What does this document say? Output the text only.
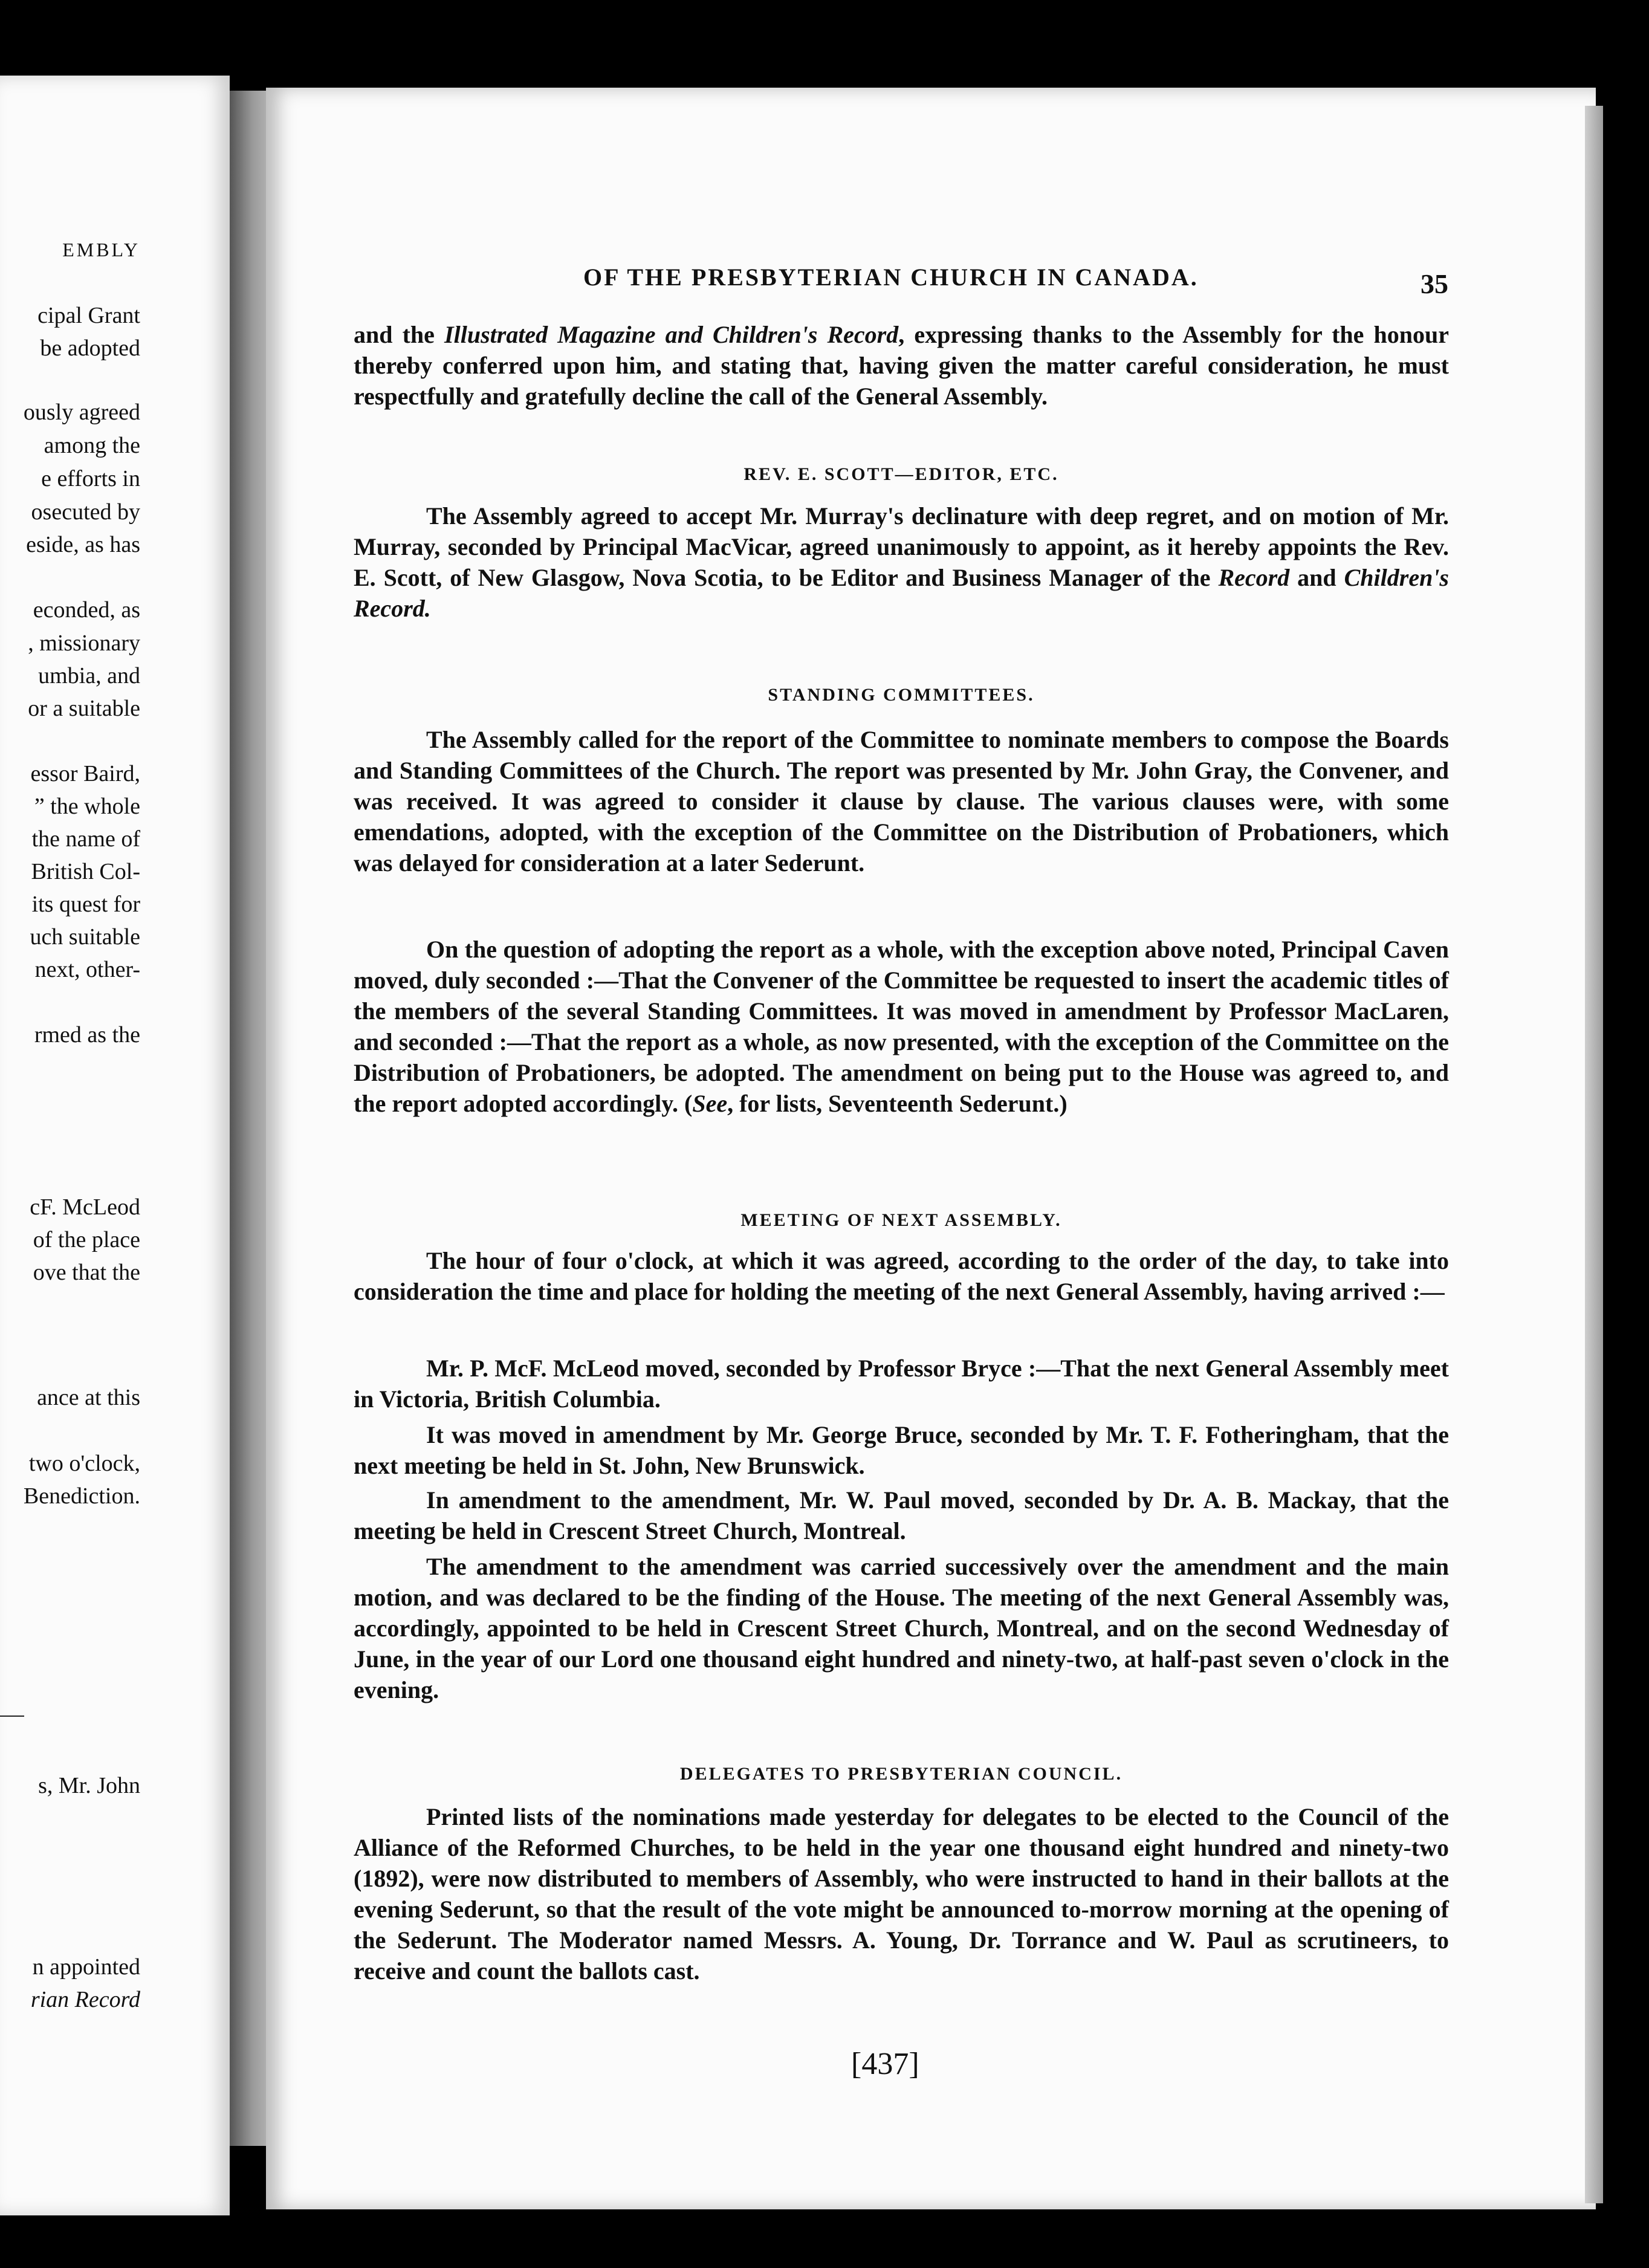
EMBLY
cipal Grant
be adopted
ously agreed
among the
e efforts in
osecuted by
eside, as has
econded, as
, missionary
umbia, and
or a suitable
essor Baird,
” the whole
the name of
British Col-
its quest for
uch suitable
next, other-
rmed as the
cF. McLeod
of the place
ove that the
ance at this
two o'clock,
Benediction.
s, Mr. John
n appointed
rian Record
OF THE PRESBYTERIAN CHURCH IN CANADA.	35

and the Illustrated Magazine and Children's Record, expressing thanks to the Assembly for the honour thereby conferred upon him, and stating that, having given the matter careful consideration, he must respectfully and gratefully decline the call of the General Assembly.

REV. E. SCOTT—EDITOR, ETC.

The Assembly agreed to accept Mr. Murray's declinature with deep regret, and on motion of Mr. Murray, seconded by Principal MacVicar, agreed unanimously to appoint, as it hereby appoints the Rev. E. Scott, of New Glasgow, Nova Scotia, to be Editor and Business Manager of the Record and Children's Record.

STANDING COMMITTEES.

The Assembly called for the report of the Committee to nominate members to compose the Boards and Standing Committees of the Church. The report was presented by Mr. John Gray, the Convener, and was received. It was agreed to consider it clause by clause. The various clauses were, with some emendations, adopted, with the exception of the Committee on the Distribution of Probationers, which was delayed for consideration at a later Sederunt.

On the question of adopting the report as a whole, with the exception above noted, Principal Caven moved, duly seconded :—That the Convener of the Committee be requested to insert the academic titles of the members of the several Standing Committees. It was moved in amendment by Professor MacLaren, and seconded :—That the report as a whole, as now presented, with the exception of the Committee on the Distribution of Probationers, be adopted. The amendment on being put to the House was agreed to, and the report adopted accordingly. (See, for lists, Seventeenth Sederunt.)

MEETING OF NEXT ASSEMBLY.

The hour of four o'clock, at which it was agreed, according to the order of the day, to take into consideration the time and place for holding the meeting of the next General Assembly, having arrived :—

Mr. P. McF. McLeod moved, seconded by Professor Bryce :—That the next General Assembly meet in Victoria, British Columbia.

It was moved in amendment by Mr. George Bruce, seconded by Mr. T. F. Fotheringham, that the next meeting be held in St. John, New Brunswick.

In amendment to the amendment, Mr. W. Paul moved, seconded by Dr. A. B. Mackay, that the meeting be held in Crescent Street Church, Montreal.

The amendment to the amendment was carried successively over the amendment and the main motion, and was declared to be the finding of the House. The meeting of the next General Assembly was, accordingly, appointed to be held in Crescent Street Church, Montreal, and on the second Wednesday of June, in the year of our Lord one thousand eight hundred and ninety-two, at half-past seven o'clock in the evening.

DELEGATES TO PRESBYTERIAN COUNCIL.

Printed lists of the nominations made yesterday for delegates to be elected to the Council of the Alliance of the Reformed Churches, to be held in the year one thousand eight hundred and ninety-two (1892), were now distributed to members of Assembly, who were instructed to hand in their ballots at the evening Sederunt, so that the result of the vote might be announced to-morrow morning at the opening of the Sederunt. The Moderator named Messrs. A. Young, Dr. Torrance and W. Paul as scrutineers, to receive and count the ballots cast.

[437]
